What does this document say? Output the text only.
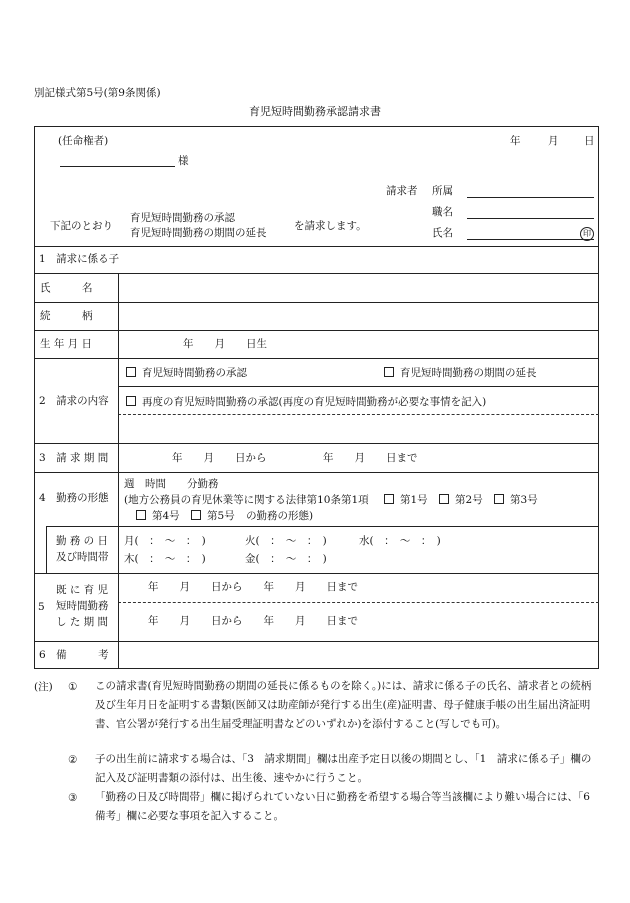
別記様式第5号(第9条関係)
育児短時間勤務承認請求書
(任命権者)
様
年	月 日
請求者 所属
職名
氏名	印
下記のとおり
育児短時間勤務の承認
育児短時間勤務の期間の延長
を請求します。
1　請求に係る子
氏　　　名
続　　　柄
生 年 月 日	年　　月　　日生
2　請求の内容
育児短時間勤務の承認	育児短時間勤務の期間の延長
再度の育児短時間勤務の承認(再度の育児短時間勤務が必要な事情を記入)
3　請 求 期 間	年　　月　　日から	年　　月　　日まで
4　勤務の形態
週　時間　　分勤務
(地方公務員の育児休業等に関する法律第10条第1項	第1号	第2号	第3号
第4号	第5号 の勤務の形態)
勤 務 の 日
及び時間帯
月(　：　〜　：　)	火(　：　〜　：　)	水(　：　〜　：　)
木(　：　〜　：　)	金(　：　〜　：　)
5
既 に 育 児
短時間勤務
し た 期 間
年　　月　　日から　　年　　月　　日まで
年　　月　　日から　　年　　月　　日まで
6　備　　　考
(注) ① この請求書(育児短時間勤務の期間の延長に係るものを除く。)には、請求に係る子の氏名、請求者との続柄及び生年月日を証明する書類(医師又は助産師が発行する出生(産)証明書、母子健康手帳の出生届出済証明書、官公署が発行する出生届受理証明書などのいずれか)を添付すること(写しでも可)。
② 子の出生前に請求する場合は、「3　請求期間」欄は出産予定日以後の期間とし、「1　請求に係る子」欄の記入及び証明書類の添付は、出生後、速やかに行うこと。
③ 「勤務の日及び時間帯」欄に掲げられていない日に勤務を希望する場合等当該欄により難い場合には、「6　備考」欄に必要な事項を記入すること。
